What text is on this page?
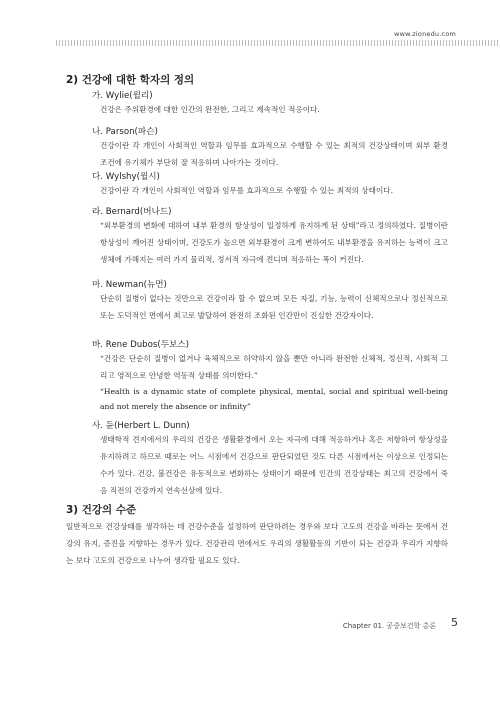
www.zionedu.com
2) 건강에 대한 학자의 정의
가. Wylie(윌리)

건강은 주위환경에 대한 인간의 완전한, 그리고 계속적인 적응이다.

나. Parson(파슨)

건강이란 각 개인이 사회적인 역할과 임무를 효과적으로 수행할 수 있는 최적의 건강상태이며 외부 환경 조건에 유기체가 부단히 잘 적응하며 나아가는 것이다.

다. Wylshy(윌시)

건강이란 각 개인이 사회적인 역할과 임무를 효과적으로 수행할 수 있는 최적의 상태이다.

라. Bernard(버나드)

“외부환경의 변화에 대하여 내부 환경의 항상성이 일정하게 유지하게 된 상태”라고 정의하였다. 질병이란 항상성이 깨어진 상태이며, 건강도가 높으면 외부환경이 크게 변하여도 내부환경을 유지하는 능력이 크고 생체에 가해지는 여러 가지 물리적, 정서적 자극에 견디며 적응하는 폭이 커진다.

마. Newman(뉴먼)

단순히 질병이 없다는 것만으로 건강이라 할 수 없으며 모든 자질, 기능, 능력이 신체적으로나 정신적으로 또는 도덕적인 면에서 최고로 발달하여 완전히 조화된 인간만이 진실한 건강자이다.

바. Rene Dubos(두보스)

“건강은 단순히 질병이 없거나 육체적으로 허약하지 않을 뿐만 아니라 완전한 신체적, 정신적, 사회적 그리고 영적으로 안녕한 역동적 상태를 의미한다.”

“Health is a dynamic state of complete physical, mental, social and spiritual well-being and not merely the absence or infinity”

사. 듄(Herbert L. Dunn)

생태학적 견지에서의 우리의 건강은 생활환경에서 오는 자극에 대해 적응하거나 혹은 저항하여 항상성을 유지하려고 하므로 때로는 어느 시점에서 건강으로 판단되었던 것도 다른 시점에서는 이상으로 인정되는 수가 있다. 건강, 불건강은 유동적으로 변화하는 상태이기 때문에 인간의 건강상태는 최고의 건강에서 죽음 직전의 건강까지 연속선상에 있다.

3) 건강의 수준

일반적으로 건강상태를 생각하는 데 건강수준을 설정하여 판단하려는 경우와 보다 고도의 건강을 바라는 뜻에서 건강의 유지, 증진을 지향하는 경우가 있다. 건강관리 면에서도 우리의 생활활동의 기반이 되는 건강과 우리가 지향하는 보다 고도의 건강으로 나누어 생각할 필요도 있다.

Chapter 01. 공중보건학 총론 5
